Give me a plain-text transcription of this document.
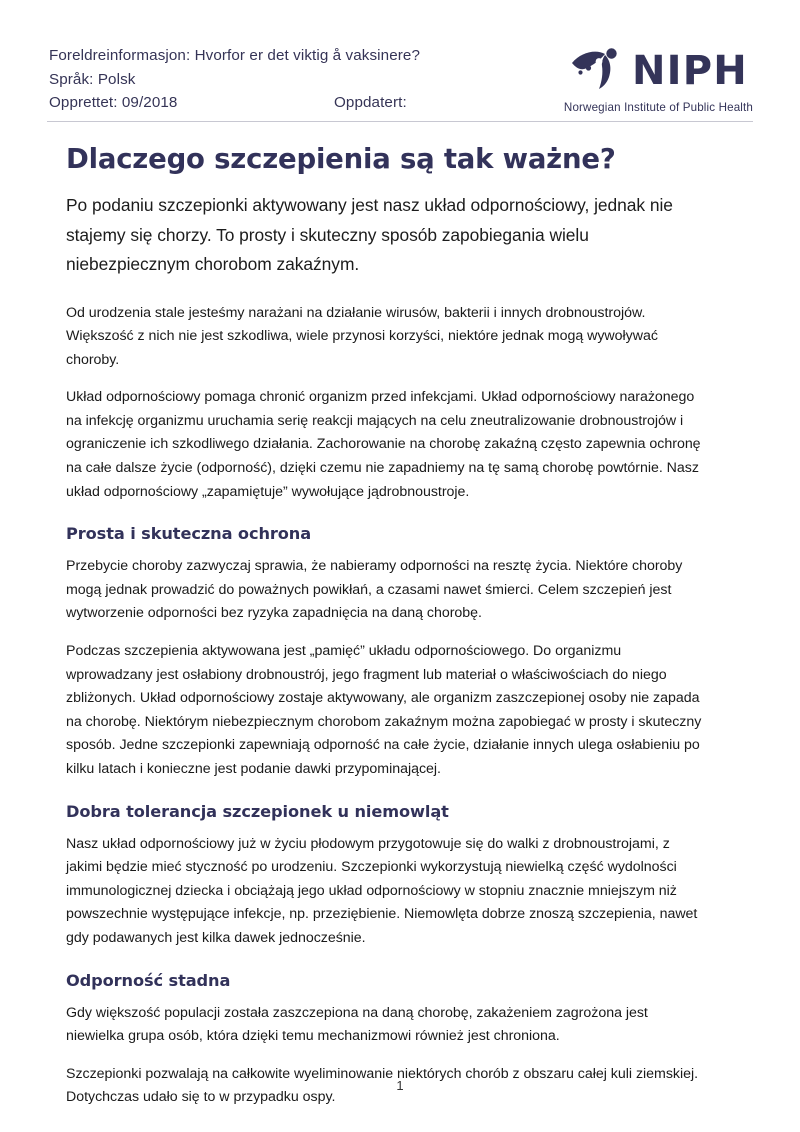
Foreldreinformasjon: Hvorfor er det viktig å vaksinere?
Språk: Polsk
Opprettet: 09/2018	Oppdatert:
NIPH
Norwegian Institute of Public Health
Dlaczego szczepienia są tak ważne?

Po podaniu szczepionki aktywowany jest nasz układ odpornościowy, jednak nie stajemy się chorzy. To prosty i skuteczny sposób zapobiegania wielu niebezpiecznym chorobom zakaźnym.

Od urodzenia stale jesteśmy narażani na działanie wirusów, bakterii i innych drobnoustrojów. Większość z nich nie jest szkodliwa, wiele przynosi korzyści, niektóre jednak mogą wywoływać choroby.

Układ odpornościowy pomaga chronić organizm przed infekcjami. Układ odpornościowy narażonego na infekcję organizmu uruchamia serię reakcji mających na celu zneutralizowanie drobnoustrojów i ograniczenie ich szkodliwego działania. Zachorowanie na chorobę zakaźną często zapewnia ochronę na całe dalsze życie (odporność), dzięki czemu nie zapadniemy na tę samą chorobę powtórnie. Nasz układ odpornościowy „zapamiętuje” wywołujące jądrobnoustroje.

Prosta i skuteczna ochrona

Przebycie choroby zazwyczaj sprawia, że nabieramy odporności na resztę życia. Niektóre choroby mogą jednak prowadzić do poważnych powikłań, a czasami nawet śmierci. Celem szczepień jest wytworzenie odporności bez ryzyka zapadnięcia na daną chorobę.

Podczas szczepienia aktywowana jest „pamięć” układu odpornościowego. Do organizmu wprowadzany jest osłabiony drobnoustrój, jego fragment lub materiał o właściwościach do niego zbliżonych. Układ odpornościowy zostaje aktywowany, ale organizm zaszczepionej osoby nie zapada na chorobę. Niektórym niebezpiecznym chorobom zakaźnym można zapobiegać w prosty i skuteczny sposób. Jedne szczepionki zapewniają odporność na całe życie, działanie innych ulega osłabieniu po kilku latach i konieczne jest podanie dawki przypominającej.

Dobra tolerancja szczepionek u niemowląt

Nasz układ odpornościowy już w życiu płodowym przygotowuje się do walki z drobnoustrojami, z jakimi będzie mieć styczność po urodzeniu. Szczepionki wykorzystują niewielką część wydolności immunologicznej dziecka i obciążają jego układ odpornościowy w stopniu znacznie mniejszym niż powszechnie występujące infekcje, np. przeziębienie. Niemowlęta dobrze znoszą szczepienia, nawet gdy podawanych jest kilka dawek jednocześnie.

Odporność stadna

Gdy większość populacji została zaszczepiona na daną chorobę, zakażeniem zagrożona jest niewielka grupa osób, która dzięki temu mechanizmowi również jest chroniona.

Szczepionki pozwalają na całkowite wyeliminowanie niektórych chorób z obszaru całej kuli ziemskiej. Dotychczas udało się to w przypadku ospy.

1
